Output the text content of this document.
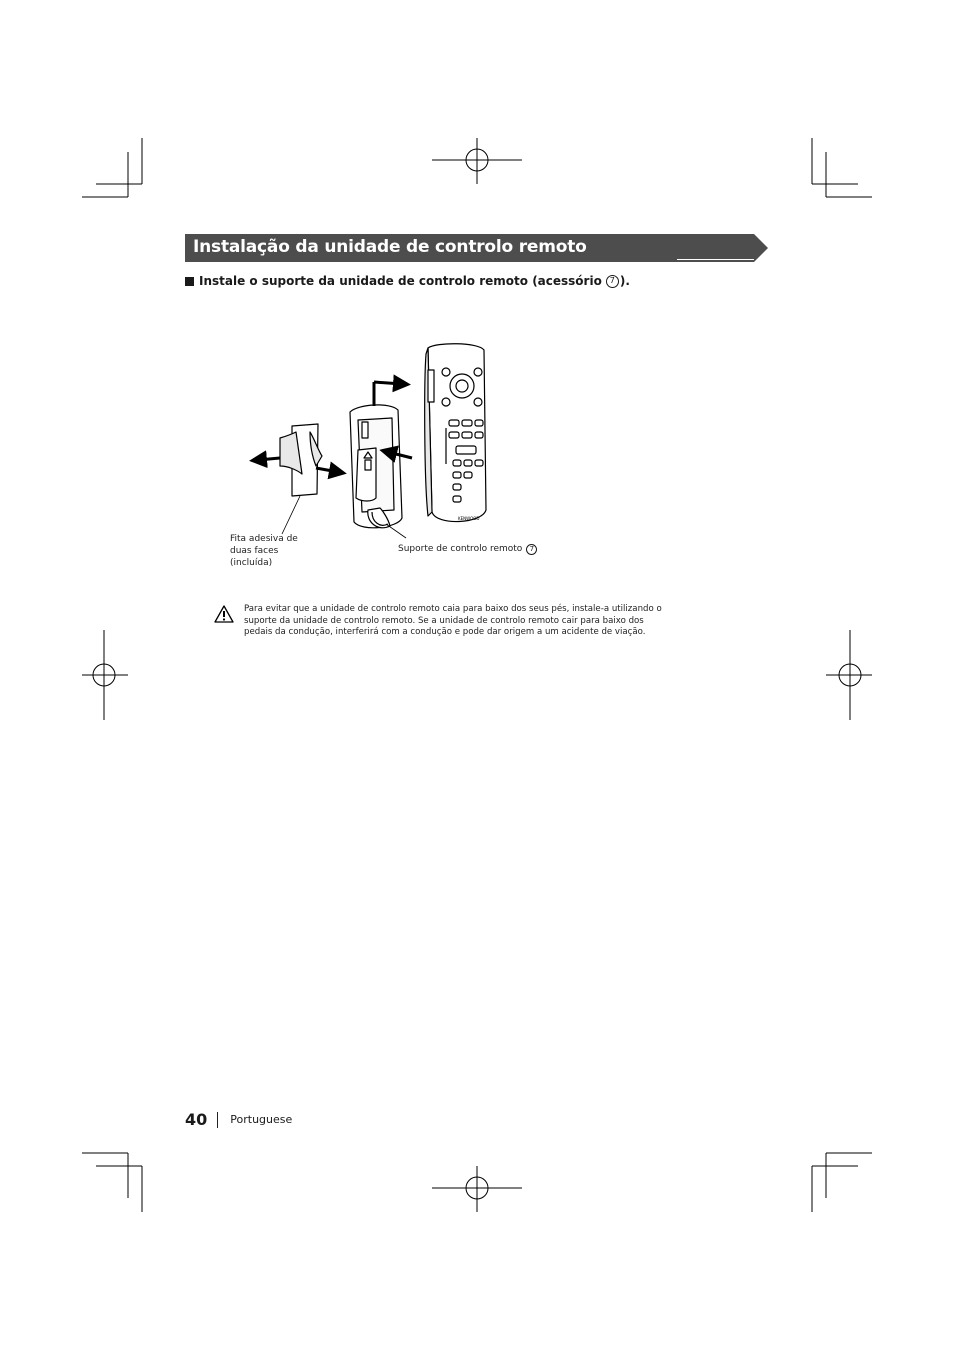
Instalação da unidade de controlo remoto
Instale o suporte da unidade de controlo remoto (acessório 7 ).
KENWOOD
Fita adesiva de
duas faces
(incluída)
Suporte de controlo remoto	7
Para evitar que a unidade de controlo remoto caia para baixo dos seus pés, instale-a utilizando o suporte da unidade de controlo remoto. Se a unidade de controlo remoto cair para baixo dos pedais da condução, interferirá com a condução e pode dar origem a um acidente de viação.
40 Portuguese
